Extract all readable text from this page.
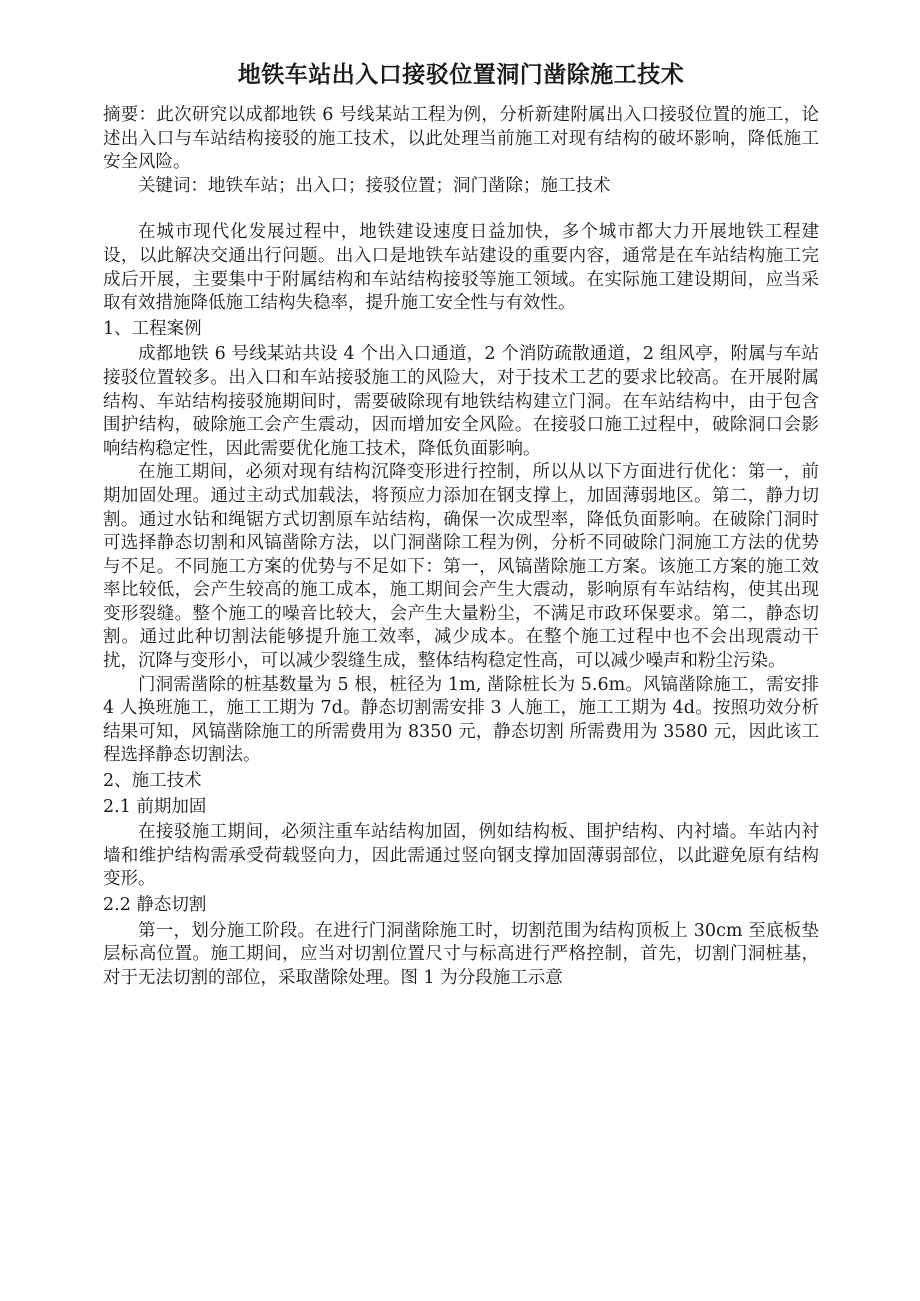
地铁车站出入口接驳位置洞门凿除施工技术

摘要：此次研究以成都地铁 6 号线某站工程为例，分析新建附属出入口接驳位置的施工，论述出入口与车站结构接驳的施工技术，以此处理当前施工对现有结构的破坏影响，降低施工安全风险。

关键词：地铁车站；出入口；接驳位置；洞门凿除；施工技术

在城市现代化发展过程中，地铁建设速度日益加快，多个城市都大力开展地铁工程建设，以此解决交通出行问题。出入口是地铁车站建设的重要内容，通常是在车站结构施工完成后开展，主要集中于附属结构和车站结构接驳等施工领域。在实际施工建设期间，应当采取有效措施降低施工结构失稳率，提升施工安全性与有效性。

1、工程案例

成都地铁 6 号线某站共设 4 个出入口通道，2 个消防疏散通道，2 组风亭，附属与车站接驳位置较多。出入口和车站接驳施工的风险大，对于技术工艺的要求比较高。在开展附属结构、车站结构接驳施期间时，需要破除现有地铁结构建立门洞。在车站结构中，由于包含围护结构，破除施工会产生震动，因而增加安全风险。在接驳口施工过程中，破除洞口会影响结构稳定性，因此需要优化施工技术，降低负面影响。

在施工期间，必须对现有结构沉降变形进行控制，所以从以下方面进行优化：第一，前期加固处理。通过主动式加载法，将预应力添加在钢支撑上，加固薄弱地区。第二，静力切割。通过水钻和绳锯方式切割原车站结构，确保一次成型率，降低负面影响。在破除门洞时可选择静态切割和风镐凿除方法，以门洞凿除工程为例，分析不同破除门洞施工方法的优势与不足。不同施工方案的优势与不足如下：第一，风镐凿除施工方案。该施工方案的施工效率比较低，会产生较高的施工成本，施工期间会产生大震动，影响原有车站结构，使其出现变形裂缝。整个施工的噪音比较大，会产生大量粉尘，不满足市政环保要求。第二，静态切割。通过此种切割法能够提升施工效率，减少成本。在整个施工过程中也不会出现震动干扰，沉降与变形小，可以减少裂缝生成，整体结构稳定性高，可以减少噪声和粉尘污染。

门洞需凿除的桩基数量为 5 根，桩径为 1m, 凿除桩长为 5.6m。风镐凿除施工，需安排 4 人换班施工，施工工期为 7d。静态切割需安排 3 人施工，施工工期为 4d。按照功效分析结果可知，风镐凿除施工的所需费用为 8350 元，静态切割 所需费用为 3580 元，因此该工程选择静态切割法。

2、施工技术

2.1 前期加固

在接驳施工期间，必须注重车站结构加固，例如结构板、围护结构、内衬墙。车站内衬墙和维护结构需承受荷载竖向力，因此需通过竖向钢支撑加固薄弱部位，以此避免原有结构变形。

2.2 静态切割

第一，划分施工阶段。在进行门洞凿除施工时，切割范围为结构顶板上 30cm 至底板垫层标高位置。施工期间，应当对切割位置尺寸与标高进行严格控制，首先，切割门洞桩基，对于无法切割的部位，采取凿除处理。图 1 为分段施工示意
